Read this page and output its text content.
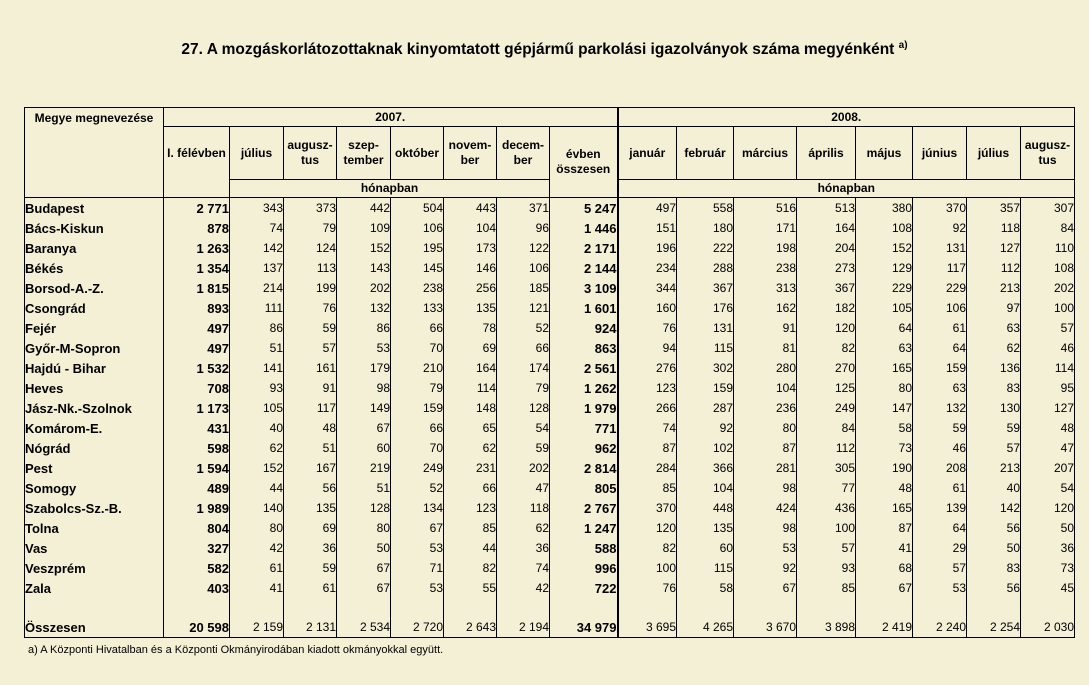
27. A mozgáskorlátozottaknak kinyomtatott gépjármű parkolási igazolványok száma megyénként $^{a)}$
Megye megnevezése	2007.								2008.							
	I. félévben	július	augusz- tus	szep- tember	október	novem- ber	decem- ber	évben összesen	január	február	március	április	május	június	július	augusz- tus
		hónapban							hónapban							
Budapest	2 771	343	373	442	504	443	371	5 247	497	558	516	513	380	370	357	307
Bács-Kiskun	878	74	79	109	106	104	96	1 446	151	180	171	164	108	92	118	84
Baranya	1 263	142	124	152	195	173	122	2 171	196	222	198	204	152	131	127	110
Békés	1 354	137	113	143	145	146	106	2 144	234	288	238	273	129	117	112	108
Borsod-A.-Z.	1 815	214	199	202	238	256	185	3 109	344	367	313	367	229	229	213	202
Csongrád	893	111	76	132	133	135	121	1 601	160	176	162	182	105	106	97	100
Fejér	497	86	59	86	66	78	52	924	76	131	91	120	64	61	63	57
Győr-M-Sopron	497	51	57	53	70	69	66	863	94	115	81	82	63	64	62	46
Hajdú - Bihar	1 532	141	161	179	210	164	174	2 561	276	302	280	270	165	159	136	114
Heves	708	93	91	98	79	114	79	1 262	123	159	104	125	80	63	83	95
Jász-Nk.-Szolnok	1 173	105	117	149	159	148	128	1 979	266	287	236	249	147	132	130	127
Komárom-E.	431	40	48	67	66	65	54	771	74	92	80	84	58	59	59	48
Nógrád	598	62	51	60	70	62	59	962	87	102	87	112	73	46	57	47
Pest	1 594	152	167	219	249	231	202	2 814	284	366	281	305	190	208	213	207
Somogy	489	44	56	51	52	66	47	805	85	104	98	77	48	61	40	54
Szabolcs-Sz.-B.	1 989	140	135	128	134	123	118	2 767	370	448	424	436	165	139	142	120
Tolna	804	80	69	80	67	85	62	1 247	120	135	98	100	87	64	56	50
Vas	327	42	36	50	53	44	36	588	82	60	53	57	41	29	50	36
Veszprém	582	61	59	67	71	82	74	996	100	115	92	93	68	57	83	73
Zala	403	41	61	67	53	55	42	722	76	58	67	85	67	53	56	45

Összesen	20 598	2 159	2 131	2 534	2 720	2 643	2 194	34 979	3 695	4 265	3 670	3 898	2 419	2 240	2 254	2 030
a) A Központi Hivatalban és a Központi Okmányirodában kiadott okmányokkal együtt.
